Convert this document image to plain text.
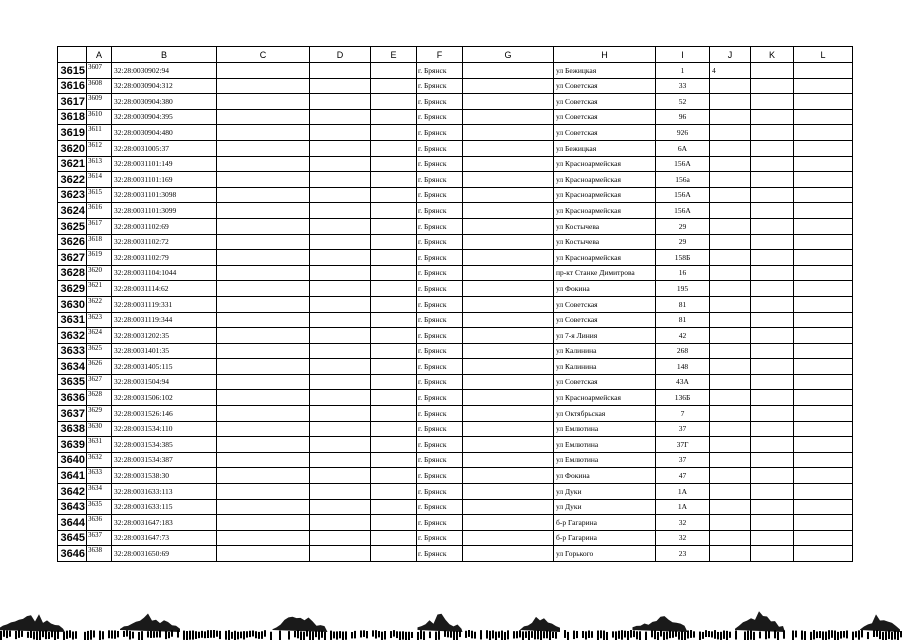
	A	B	C	D	E	F	G	H	I	J	K	L
3615	3607	32:28:0030902:94				г. Брянск		ул Бежицкая	1	4		
3616	3608	32:28:0030904:312				г. Брянск		ул Советская	33			
3617	3609	32:28:0030904:380				г. Брянск		ул Советская	52			
3618	3610	32:28:0030904:395				г. Брянск		ул Советская	96			
3619	3611	32:28:0030904:480				г. Брянск		ул Советская	926			
3620	3612	32:28:0031005:37				г. Брянск		ул Бежицкая	6А			
3621	3613	32:28:0031101:149				г. Брянск		ул Красноармейская	156А			
3622	3614	32:28:0031101:169				г. Брянск		ул Красноармейская	156а			
3623	3615	32:28:0031101:3098				г. Брянск		ул Красноармейская	156А			
3624	3616	32:28:0031101:3099				г. Брянск		ул Красноармейская	156А			
3625	3617	32:28:0031102:69				г. Брянск		ул Костычева	29			
3626	3618	32:28:0031102:72				г. Брянск		ул Костычева	29			
3627	3619	32:28:0031102:79				г. Брянск		ул Красноармейская	158Б			
3628	3620	32:28:0031104:1044				г. Брянск		пр-кт Станке Димитрова	16			
3629	3621	32:28:0031114:62				г. Брянск		ул Фокина	195			
3630	3622	32:28:0031119:331				г. Брянск		ул Советская	81			
3631	3623	32:28:0031119:344				г. Брянск		ул Советская	81			
3632	3624	32:28:0031202:35				г. Брянск		ул 7-я Линия	42			
3633	3625	32:28:0031401:35				г. Брянск		ул Калинина	268			
3634	3626	32:28:0031405:115				г. Брянск		ул Калинина	148			
3635	3627	32:28:0031504:94				г. Брянск		ул Советская	43А			
3636	3628	32:28:0031506:102				г. Брянск		ул Красноармейская	136Б			
3637	3629	32:28:0031526:146				г. Брянск		ул Октябрьская	7			
3638	3630	32:28:0031534:110				г. Брянск		ул Емлютина	37			
3639	3631	32:28:0031534:385				г. Брянск		ул Емлютина	37Г			
3640	3632	32:28:0031534:387				г. Брянск		ул Емлютина	37			
3641	3633	32:28:0031538:30				г. Брянск		ул Фокина	47			
3642	3634	32:28:0031633:113				г. Брянск		ул Дуки	1А			
3643	3635	32:28:0031633:115				г. Брянск		ул Дуки	1А			
3644	3636	32:28:0031647:183				г. Брянск		б-р Гагарина	32			
3645	3637	32:28:0031647:73				г. Брянск		б-р Гагарина	32			
3646	3638	32:28:0031650:69				г. Брянск		ул Горького	23			
